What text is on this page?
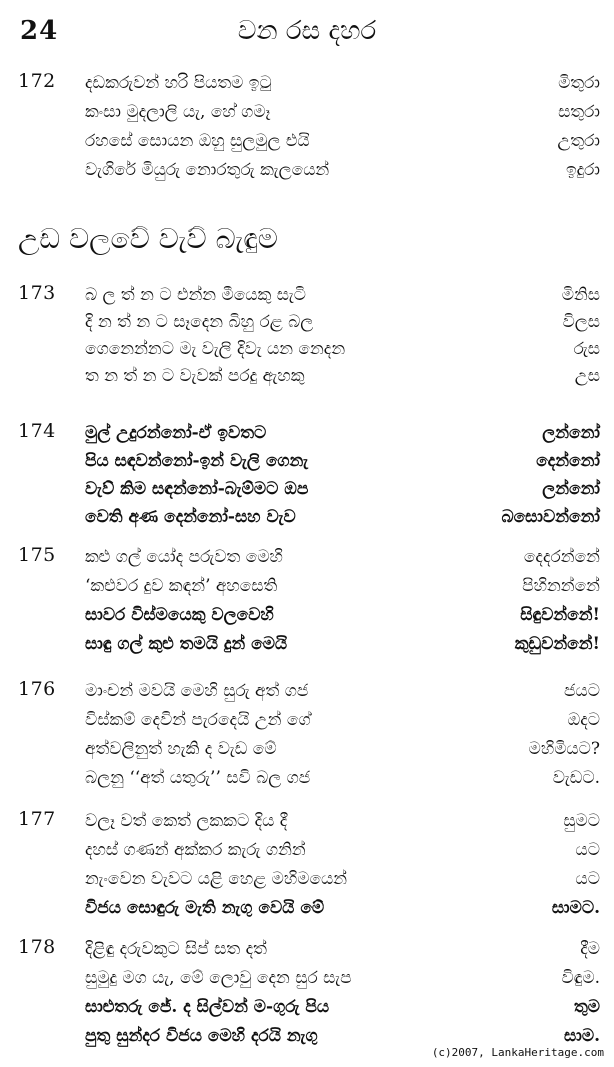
24	වන රස දහර
උඩ වලවේ වැව් බැඳුම
172 දඩකරුවන් හරි පියතම ඉටු	මිතුරා
කංසා මුදලාලි යැ, හේ ගමෑ	සතුරා
රහසේ සොයන ඔහු සුලමුල එයි	උතුරා
වැගිරේ මියුරු නොරතුරු කැලයෙන්	ඉදුරා
173 බ ල ත් න ට එන්න මීයෙකු සැටි	මිනිස
දි න ත් න ට සෑදෙන බිහු රළ බල	විලස
ගෙනෙන්නට මැ වැලි දිවැ යන නෙදන	රුස
ත න ත් න ට වැවක් පරදු ඇහකු	උස
174 මුල් උදුරන්නෝ-ඒ ඉවතට	ලන්නෝ
පිය සඳවන්නෝ-ඉන් වැලි ගෙනැ	දෙන්නෝ
වැව් කිම සඳන්නෝ-බැම්මට ඔප	ලන්නෝ
වෙති අණ දෙන්නෝ-සහ වැව	බසොවන්නෝ
175 කළු ගල් යෝද පරුවත මෙහි	දෙදරන්නේ
‘කළුවර දුව කඳන්’ අහසෙති	පිහිනන්නේ
සාවර විස්මයෙකු වලවෙහි	සිඳුවන්නේ!
සාඳු ගල් කුළු තමයි දුන් මෙයි	කුඩුවන්නේ!
176 මාංචන් මවයි මෙහි සුරු අත් ගජ	ජයට
විස්කම් දෙවින් පැරදෙයි උන් ගේ	ඔදට
අත්වලිනුත් හැකි ද වැඩ මේ	මහිමියට?
බලනු ‘‘අත් යතුරු’’ සවි බල ගජ	වැඩට.
177 වලෑ වත් කෙත් ලකකට දිය දී	සුමට
දහස් ගණන් අක්කර කැරු ගනින්	යට
නැංවෙන වැවට යළි හෙළ මහිමයෙන්	යට
විජය සොඳුරු මැති නැගු වෙයි මේ	සාමට.
178 දිළිඳු දරුවකුට සිප් සත දත්	දීම
සුමුදු මග යැ, මේ ලොවු දෙන සුර සැප	විඳුම.
සාළුතරු ජේ. ද සිල්වන් ම-ගුරු පිය	තුම
පුතු සුන්දර විජය මෙහි දරයි නැගු	සාම.
(c)2007, LankaHeritage.com
